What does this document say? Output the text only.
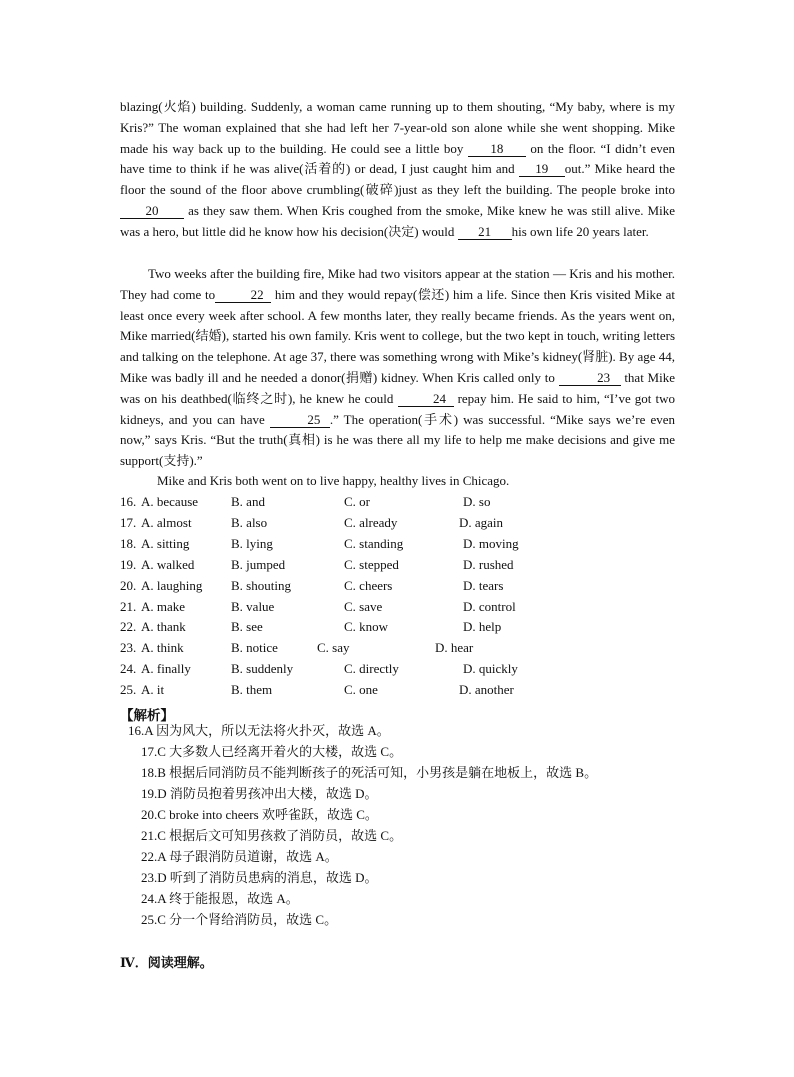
blazing(火焰) building. Suddenly, a woman came running up to them shouting, “My baby, where is my Kris?” The woman explained that she had left her 7-year-old son alone while she went shopping. Mike made his way back up to the building. He could see a little boy 18 on the floor. “I didn’t even have time to think if he was alive(活着的) or dead, I just caught him and 19 out.” Mike heard the floor the sound of the floor above crumbling(破碎)just as they left the building. The people broke into 20 as they saw them. When Kris coughed from the smoke, Mike knew he was still alive. Mike was a hero, but little did he know how his decision(决定) would 21 his own life 20 years later.

Two weeks after the building fire, Mike had two visitors appear at the station — Kris and his mother. They had come to	22 him and they would repay(偿还) him a life. Since then Kris visited Mike at least once every week after school. A few months later, they really became friends. As the years went on, Mike married(结婚), started his own family. Kris went to college, but the two kept in touch, writing letters and talking on the telephone. At age 37, there was something wrong with Mike’s kidney(肾脏). By age 44, Mike was badly ill and he needed a donor(捐赠) kidney. When Kris called only to	23 that Mike was on his deathbed(临终之时), he knew he could	24 repay him. He said to him, “I’ve got two kidneys, and you can have	25 .” The operation(手术) was successful. “Mike says we’re even now,” says Kris. “But the truth(真相) is he was there all my life to help me make decisions and give me support(支持).”

Mike and Kris both went on to live happy, healthy lives in Chicago.
16. A. because	B. and	C. or	D. so
17. A. almost	B. also	C. already	D. again
18. A. sitting	B. lying	C. standing	D. moving
19. A. walked	B. jumped	C. stepped	D. rushed
20. A. laughing B. shouting	C. cheers	D. tears
21. A. make	B. value	C. save	D. control
22. A. thank	B. see	C. know	D. help
23. A. think	B. notice	C. say	D. hear
24. A. finally	B. suddenly	C. directly	D. quickly
25. A. it	B. them	C. one	D. another
【解析】
16.A 因为风大，所以无法将火扑灭，故选 A。
17.C 大多数人已经离开着火的大楼，故选 C。
18.B 根据后同消防员不能判断孩子的死活可知，小男孩是躺在地板上，故选 B。
19.D 消防员抱着男孩冲出大楼，故选 D。
20.C broke into cheers 欢呼雀跃，故选 C。
21.C 根据后文可知男孩救了消防员，故选 C。
22.A 母子跟消防员道谢，故选 A。
23.D 听到了消防员患病的消息，故选 D。
24.A 终于能报恩，故选 A。
25.C 分一个肾给消防员，故选 C。
Ⅳ．阅读理解。
